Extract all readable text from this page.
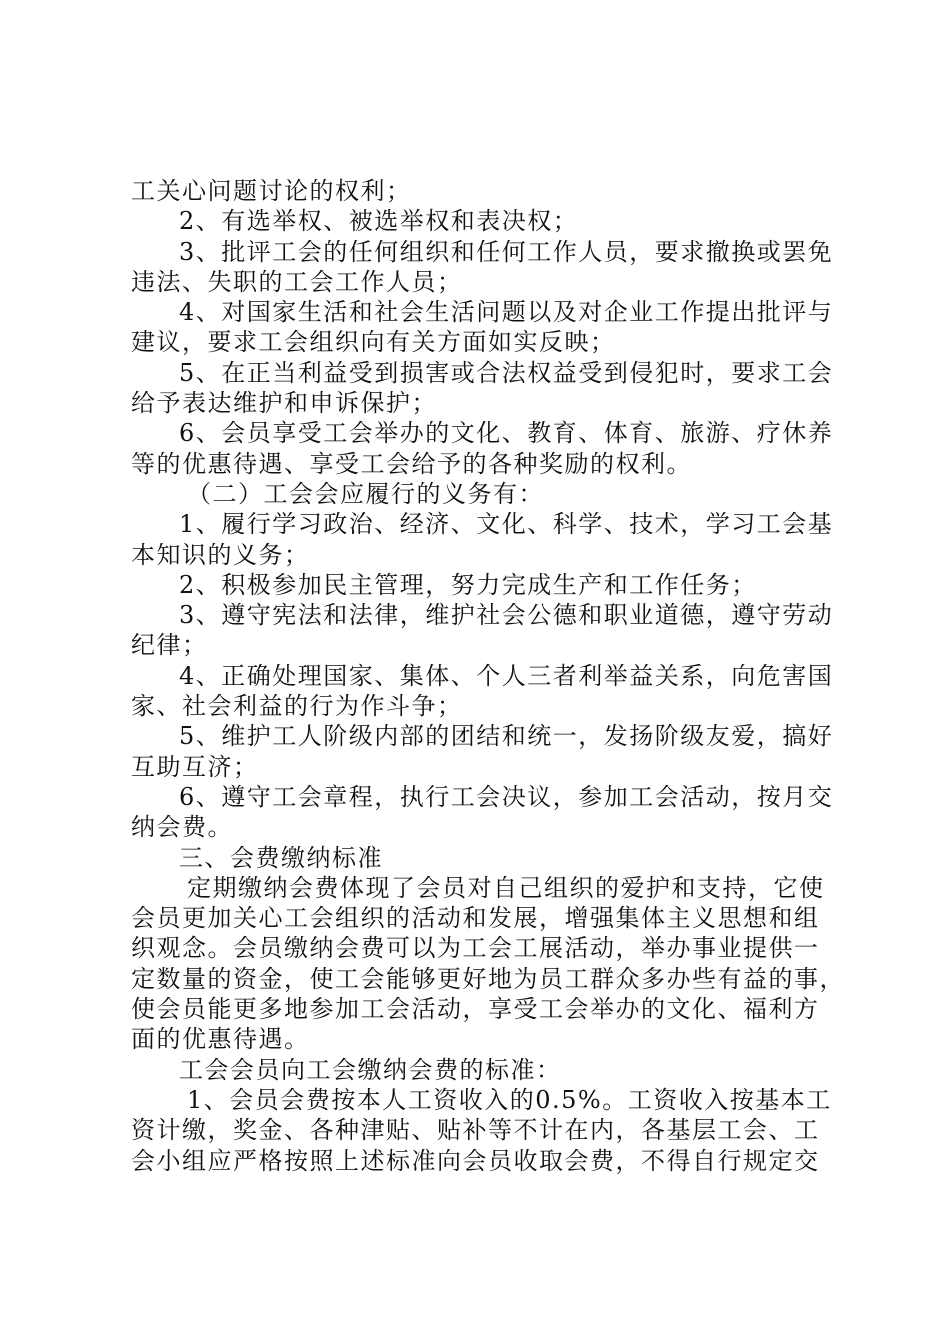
工关心问题讨论的权利；
2、有选举权、被选举权和表决权；
3、批评工会的任何组织和任何工作人员，要求撤换或罢免
违法、失职的工会工作人员；
4、对国家生活和社会生活问题以及对企业工作提出批评与
建议，要求工会组织向有关方面如实反映；
5、在正当利益受到损害或合法权益受到侵犯时，要求工会
给予表达维护和申诉保护；
6、会员享受工会举办的文化、教育、体育、旅游、疗休养
等的优惠待遇、享受工会给予的各种奖励的权利。
（二）工会会应履行的义务有：
1、履行学习政治、经济、文化、科学、技术，学习工会基
本知识的义务；
2、积极参加民主管理，努力完成生产和工作任务；
3、遵守宪法和法律，维护社会公德和职业道德，遵守劳动
纪律；
4、正确处理国家、集体、个人三者利举益关系，向危害国
家、社会利益的行为作斗争；
5、维护工人阶级内部的团结和统一，发扬阶级友爱，搞好
互助互济；
6、遵守工会章程，执行工会决议，参加工会活动，按月交
纳会费。
三、会费缴纳标准
定期缴纳会费体现了会员对自己组织的爱护和支持，它使
会员更加关心工会组织的活动和发展，增强集体主义思想和组
织观念。会员缴纳会费可以为工会工展活动，举办事业提供一
定数量的资金，使工会能够更好地为员工群众多办些有益的事，
使会员能更多地参加工会活动，享受工会举办的文化、福利方
面的优惠待遇。
工会会员向工会缴纳会费的标准：
1、会员会费按本人工资收入的0.5%。工资收入按基本工
资计缴，奖金、各种津贴、贴补等不计在内，各基层工会、工
会小组应严格按照上述标准向会员收取会费，不得自行规定交
